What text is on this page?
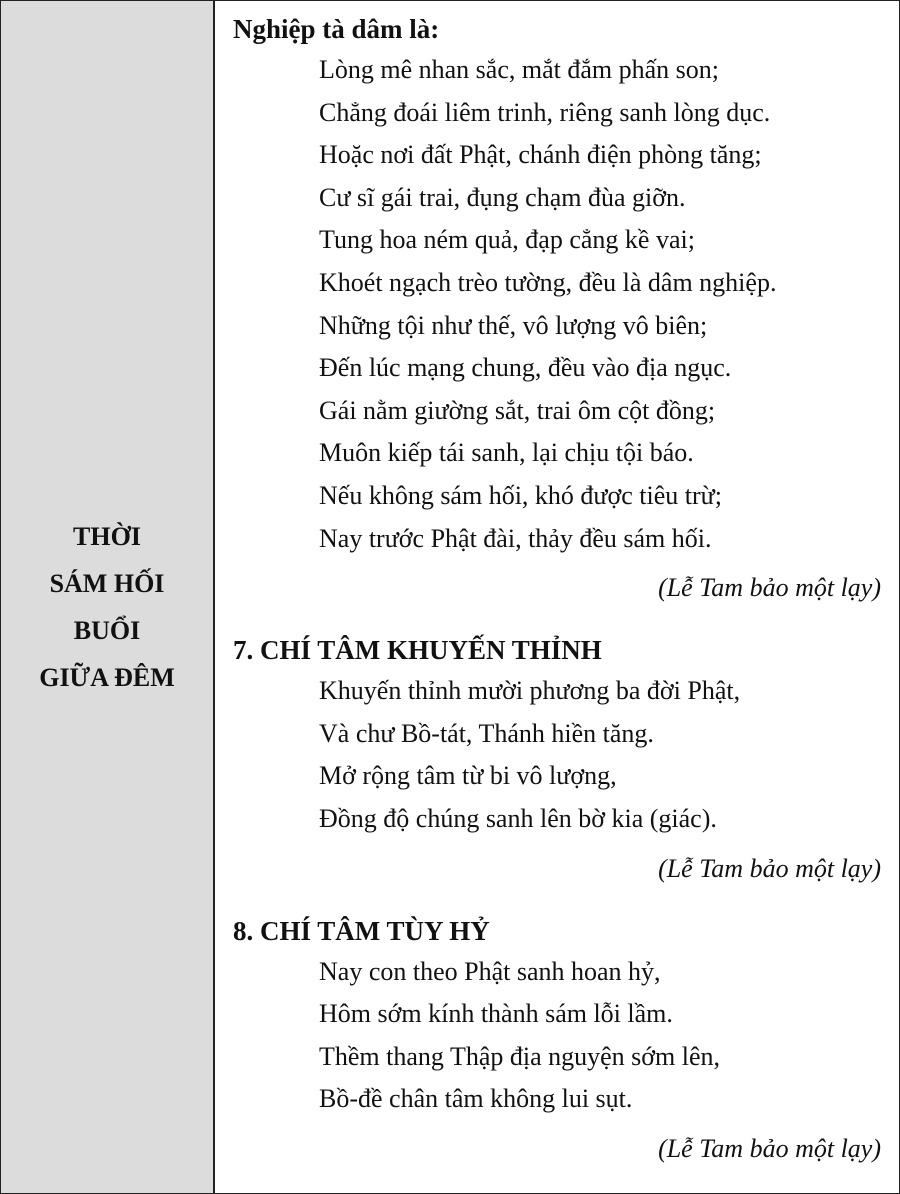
THỜI
SÁM HỐI
BUỔI
GIỮA ĐÊM
Nghiệp tà dâm là:
Lòng mê nhan sắc, mắt đắm phấn son;
Chẳng đoái liêm trinh, riêng sanh lòng dục.
Hoặc nơi đất Phật, chánh điện phòng tăng;
Cư sĩ gái trai, đụng chạm đùa giỡn.
Tung hoa ném quả, đạp cẳng kề vai;
Khoét ngạch trèo tường, đều là dâm nghiệp.
Những tội như thế, vô lượng vô biên;
Đến lúc mạng chung, đều vào địa ngục.
Gái nằm giường sắt, trai ôm cột đồng;
Muôn kiếp tái sanh, lại chịu tội báo.
Nếu không sám hối, khó được tiêu trừ;
Nay trước Phật đài, thảy đều sám hối.
(Lễ Tam bảo một lạy)
7. CHÍ TÂM KHUYẾN THỈNH
Khuyến thỉnh mười phương ba đời Phật,
Và chư Bồ-tát, Thánh hiền tăng.
Mở rộng tâm từ bi vô lượng,
Đồng độ chúng sanh lên bờ kia (giác).
(Lễ Tam bảo một lạy)
8. CHÍ TÂM TÙY HỶ
Nay con theo Phật sanh hoan hỷ,
Hôm sớm kính thành sám lỗi lầm.
Thềm thang Thập địa nguyện sớm lên,
Bồ-đề chân tâm không lui sụt.
(Lễ Tam bảo một lạy)
